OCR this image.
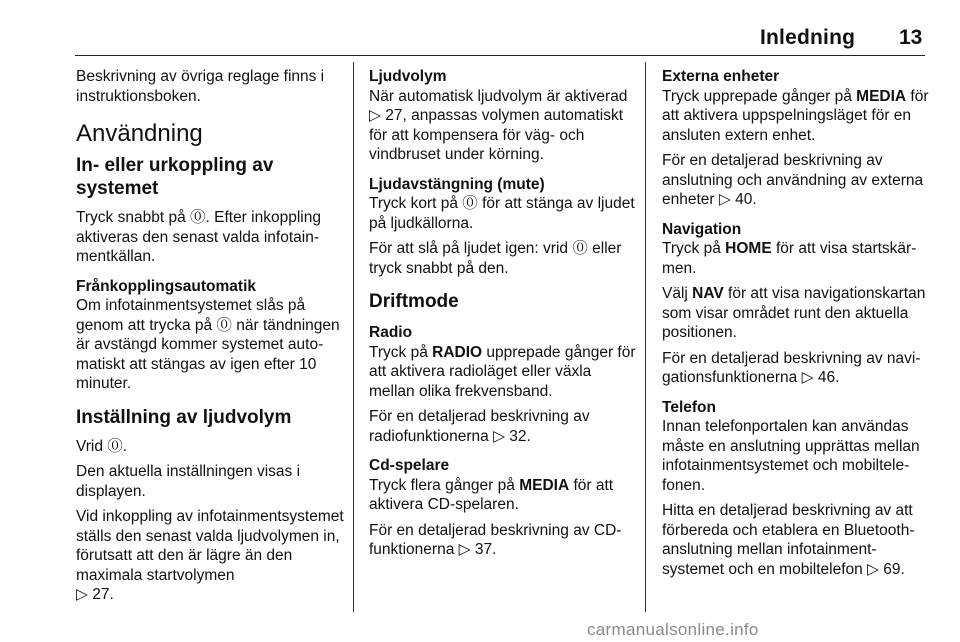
Inledning 13

Beskrivning av övriga reglage finns i instruktionsboken.

Användning
In- eller urkoppling av systemet

Tryck snabbt på ⓪. Efter inkoppling aktiveras den senast valda infotainmentkällan.

Frånkopplingsautomatik

Om infotainmentsystemet slås på genom att trycka på ⓪ när tändningen är avstängd kommer systemet automatiskt att stängas av igen efter 10 minuter.

Inställning av ljudvolym

Vrid ⓪.

Den aktuella inställningen visas i displayen.

Vid inkoppling av infotainmentsystemet ställs den senast valda ljudvolymen in, förutsatt att den är lägre än den maximala startvolymen
▷ 27.

Ljudvolym

När automatisk ljudvolym är aktiverad ▷ 27, anpassas volymen automatiskt för att kompensera för väg- och vindbruset under körning.

Ljudavstängning (mute)

Tryck kort på ⓪ för att stänga av ljudet på ljudkällorna.

För att slå på ljudet igen: vrid ⓪ eller tryck snabbt på den.

Driftmode
Radio

Tryck på RADIO upprepade gånger för att aktivera radioläget eller växla mellan olika frekvensband.

För en detaljerad beskrivning av radiofunktionerna ▷ 32.

Cd-spelare

Tryck flera gånger på MEDIA för att aktivera CD-spelaren.

För en detaljerad beskrivning av CD-funktionerna ▷ 37.

Externa enheter

Tryck upprepade gånger på MEDIA för att aktivera uppspelningsläget för en ansluten extern enhet.

För en detaljerad beskrivning av anslutning och användning av externa enheter ▷ 40.

Navigation

Tryck på HOME för att visa startskärmen.

Välj NAV för att visa navigationskartan som visar området runt den aktuella positionen.

För en detaljerad beskrivning av navigationsfunktionerna ▷ 46.

Telefon

Innan telefonportalen kan användas måste en anslutning upprättas mellan infotainmentsystemet och mobiltelefonen.

Hitta en detaljerad beskrivning av att förbereda och etablera en Bluetooth-anslutning mellan infotainmentsystemet och en mobiltelefon ▷ 69.

carmanualsonline.info
